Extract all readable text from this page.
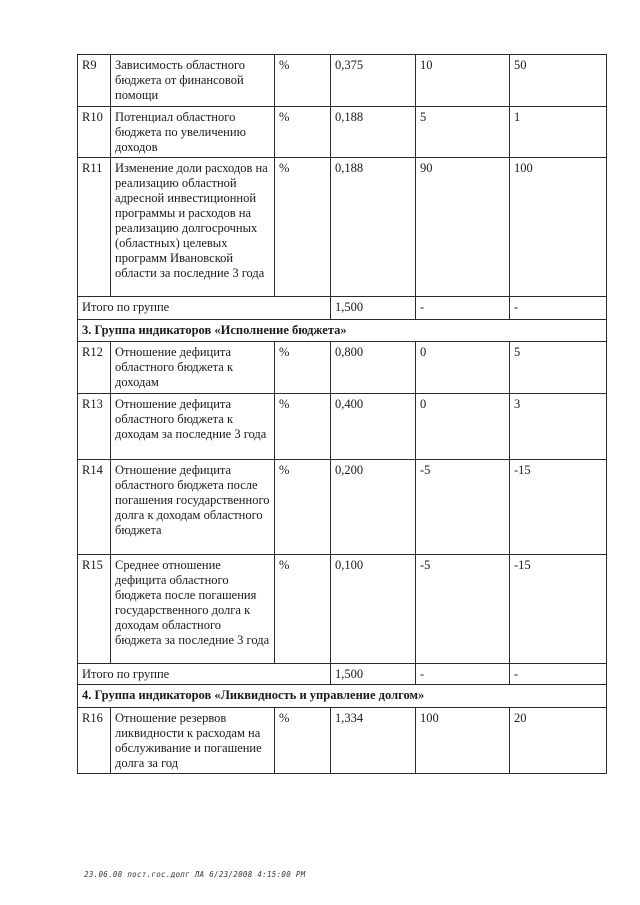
R9	Зависимость областного бюджета от финансовой помощи	%	0,375	10	50
R10	Потенциал областного бюджета по увеличению доходов	%	0,188	5	1
R11	Изменение доли расходов на реализацию областной адресной инвестиционной программы и расходов на реализацию долгосрочных (областных) целевых программ Ивановской области за последние 3 года	%	0,188	90	100
Итого по группе			1,500	-	-
3. Группа индикаторов «Исполнение бюджета»					
R12	Отношение дефицита областного бюджета к доходам	%	0,800	0	5
R13	Отношение дефицита областного бюджета к доходам за последние 3 года	%	0,400	0	3
R14	Отношение дефицита областного бюджета после погашения государственного долга к доходам областного бюджета	%	0,200	-5	-15
R15	Среднее отношение дефицита областного бюджета после погашения государственного долга к доходам областного бюджета за последние 3 года	%	0,100	-5	-15
Итого по группе			1,500	-	-
4. Группа индикаторов «Ликвидность и управление долгом»					
R16	Отношение резервов ликвидности к расходам на обслуживание и погашение долга за год	%	1,334	100	20
23.06.08 пост.гос.долг ЛА 6/23/2008 4:15:00 PM
